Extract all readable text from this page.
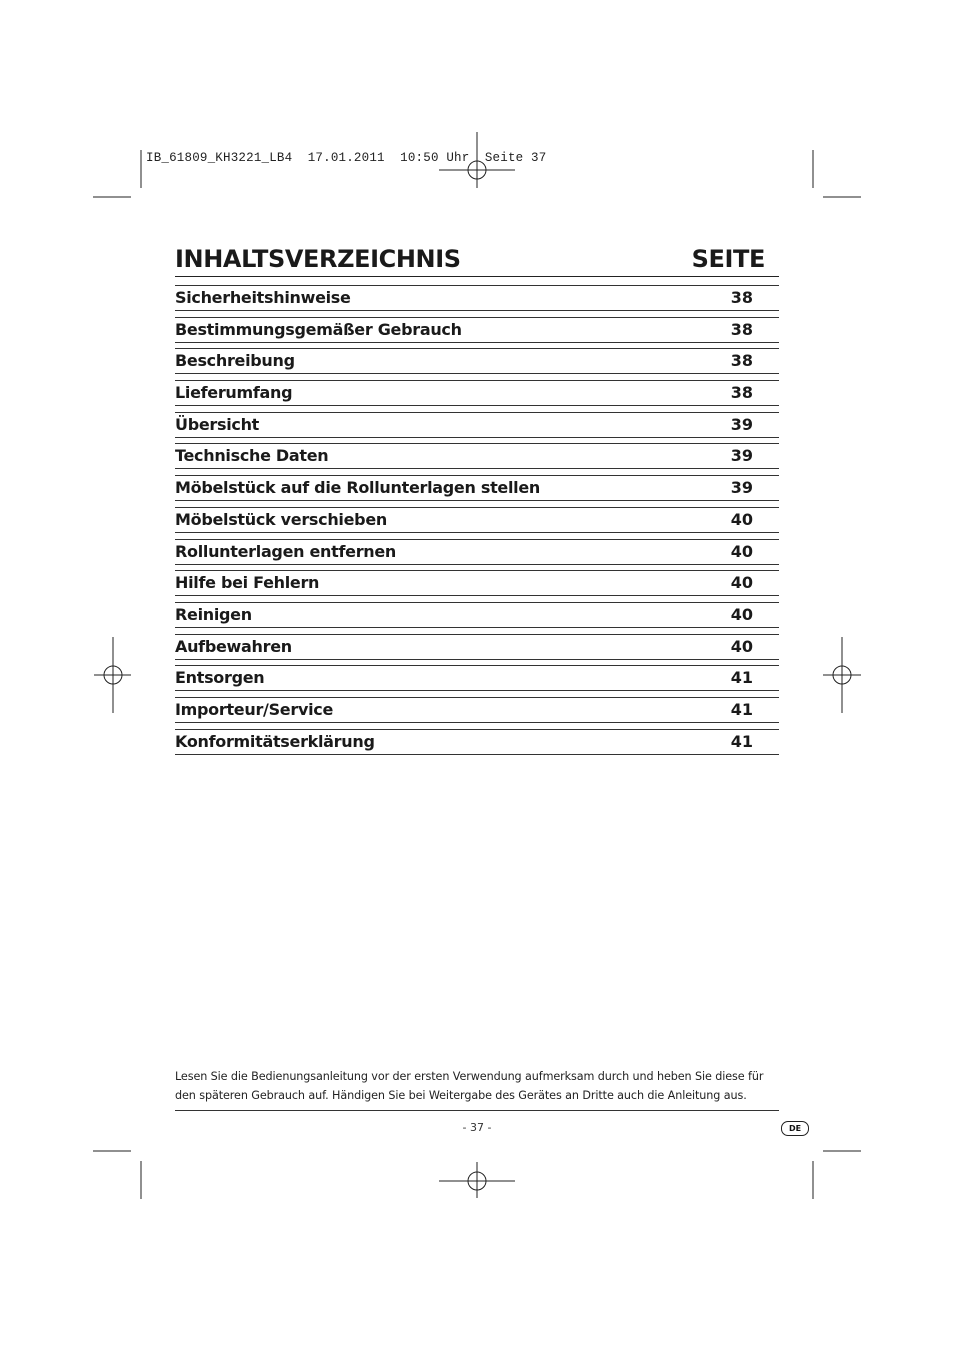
IB_61809_KH3221_LB4  17.01.2011  10:50 Uhr  Seite 37
INHALTSVERZEICHNIS	SEITE
Sicherheitshinweise	38
Bestimmungsgemäßer Gebrauch	38
Beschreibung	38
Lieferumfang	38
Übersicht	39
Technische Daten	39
Möbelstück auf die Rollunterlagen stellen	39
Möbelstück verschieben	40
Rollunterlagen entfernen	40
Hilfe bei Fehlern	40
Reinigen	40
Aufbewahren	40
Entsorgen	41
Importeur/Service	41
Konformitätserklärung	41
Lesen Sie die Bedienungsanleitung vor der ersten Verwendung aufmerksam durch und heben Sie diese für
den späteren Gebrauch auf. Händigen Sie bei Weitergabe des Gerätes an Dritte auch die Anleitung aus.
- 37 -	DE
